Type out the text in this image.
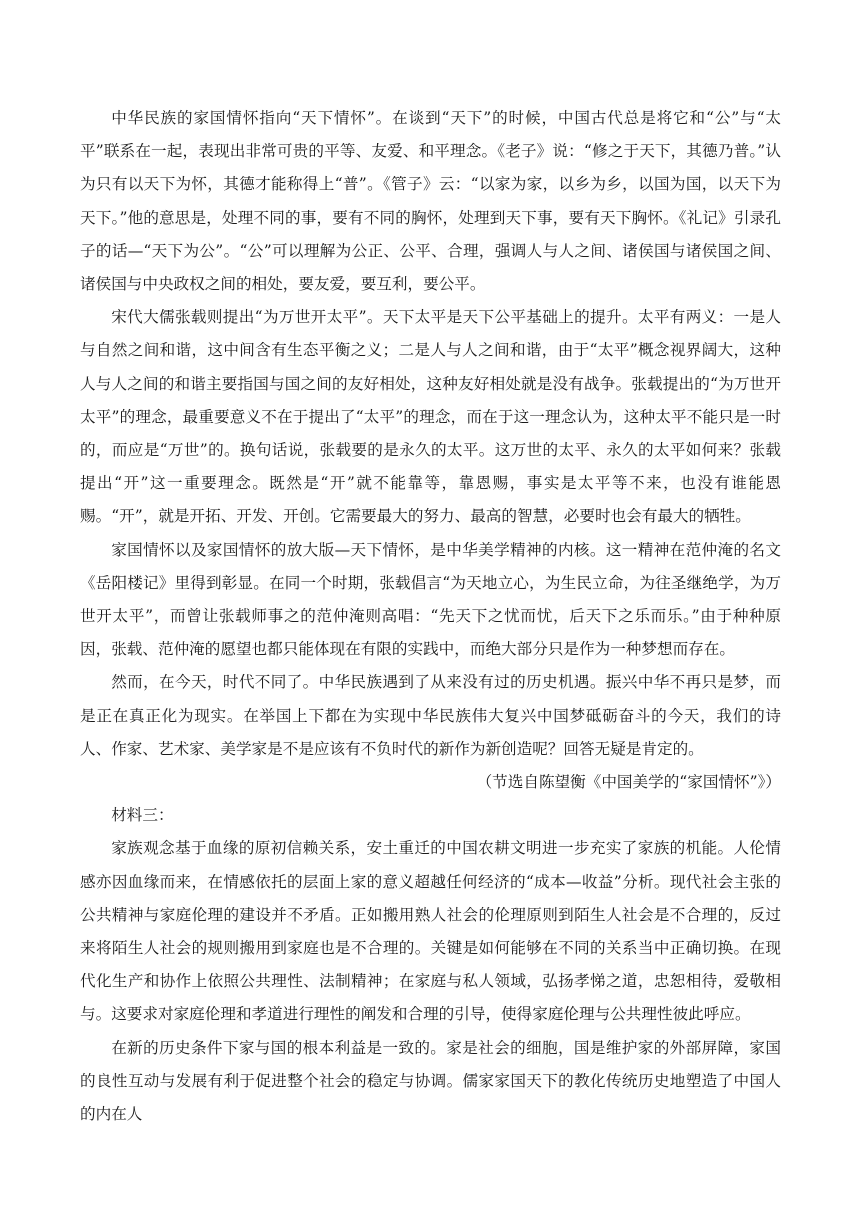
中华民族的家国情怀指向“天下情怀”。在谈到“天下”的时候，中国古代总是将它和“公”与“太平”联系在一起，表现出非常可贵的平等、友爱、和平理念。《老子》说：“修之于天下，其德乃普。”认为只有以天下为怀，其德才能称得上“普”。《管子》云：“以家为家，以乡为乡，以国为国，以天下为天下。”他的意思是，处理不同的事，要有不同的胸怀，处理到天下事，要有天下胸怀。《礼记》引录孔子的话—“天下为公”。“公”可以理解为公正、公平、合理，强调人与人之间、诸侯国与诸侯国之间、诸侯国与中央政权之间的相处，要友爱，要互利，要公平。

宋代大儒张载则提出“为万世开太平”。天下太平是天下公平基础上的提升。太平有两义：一是人与自然之间和谐，这中间含有生态平衡之义；二是人与人之间和谐，由于“太平”概念视界阔大，这种人与人之间的和谐主要指国与国之间的友好相处，这种友好相处就是没有战争。张载提出的“为万世开太平”的理念，最重要意义不在于提出了“太平”的理念，而在于这一理念认为，这种太平不能只是一时的，而应是“万世”的。换句话说，张载要的是永久的太平。这万世的太平、永久的太平如何来？张载提出“开”这一重要理念。既然是“开”就不能靠等，靠恩赐，事实是太平等不来，也没有谁能恩赐。“开”，就是开拓、开发、开创。它需要最大的努力、最高的智慧，必要时也会有最大的牺牲。

家国情怀以及家国情怀的放大版—天下情怀，是中华美学精神的内核。这一精神在范仲淹的名文《岳阳楼记》里得到彰显。在同一个时期，张载倡言“为天地立心，为生民立命，为往圣继绝学，为万世开太平”，而曾让张载师事之的范仲淹则高唱：“先天下之忧而忧，后天下之乐而乐。”由于种种原因，张载、范仲淹的愿望也都只能体现在有限的实践中，而绝大部分只是作为一种梦想而存在。

然而，在今天，时代不同了。中华民族遇到了从来没有过的历史机遇。振兴中华不再只是梦，而是正在真正化为现实。在举国上下都在为实现中华民族伟大复兴中国梦砥砺奋斗的今天，我们的诗人、作家、艺术家、美学家是不是应该有不负时代的新作为新创造呢？回答无疑是肯定的。

（节选自陈望衡《中国美学的“家国情怀”》）

材料三：

家族观念基于血缘的原初信赖关系，安土重迁的中国农耕文明进一步充实了家族的机能。人伦情感亦因血缘而来，在情感依托的层面上家的意义超越任何经济的“成本—收益”分析。现代社会主张的公共精神与家庭伦理的建设并不矛盾。正如搬用熟人社会的伦理原则到陌生人社会是不合理的，反过来将陌生人社会的规则搬用到家庭也是不合理的。关键是如何能够在不同的关系当中正确切换。在现代化生产和协作上依照公共理性、法制精神；在家庭与私人领域，弘扬孝悌之道，忠恕相待，爱敬相与。这要求对家庭伦理和孝道进行理性的阐发和合理的引导，使得家庭伦理与公共理性彼此呼应。

在新的历史条件下家与国的根本利益是一致的。家是社会的细胞，国是维护家的外部屏障，家国的良性互动与发展有利于促进整个社会的稳定与协调。儒家家国天下的教化传统历史地塑造了中国人的内在人
